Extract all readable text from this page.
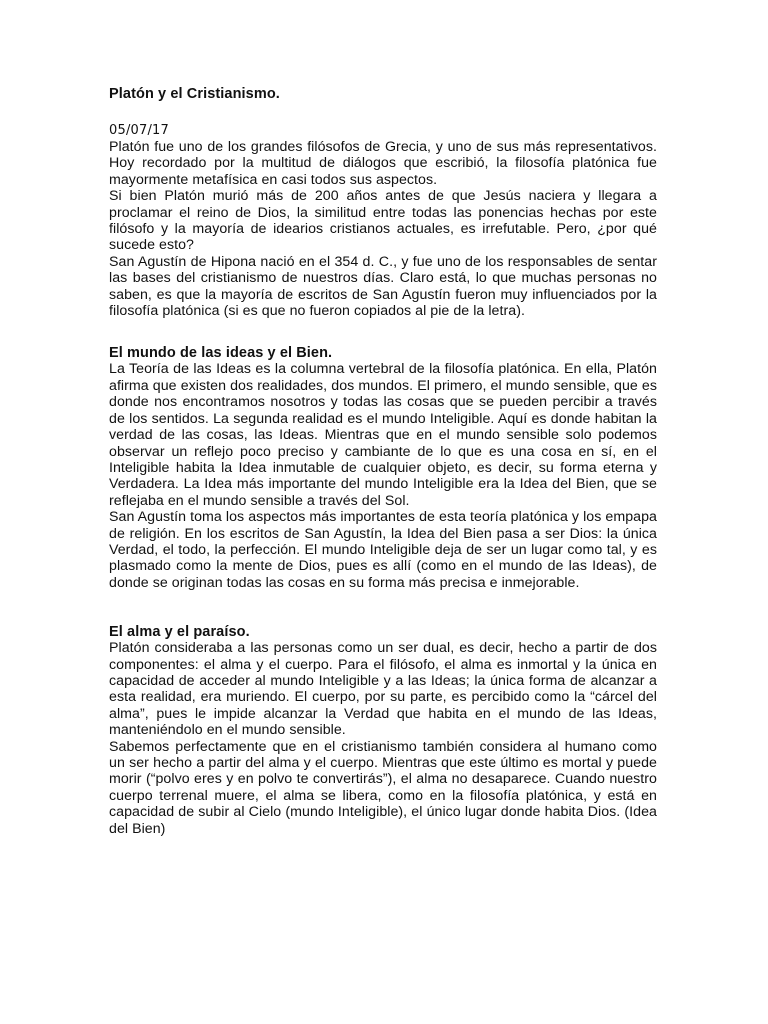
Platón y el Cristianismo.
05/07/17

Platón fue uno de los grandes filósofos de Grecia, y uno de sus más representativos. Hoy recordado por la multitud de diálogos que escribió, la filosofía platónica fue mayormente metafísica en casi todos sus aspectos.

Si bien Platón murió más de 200 años antes de que Jesús naciera y llegara a proclamar el reino de Dios, la similitud entre todas las ponencias hechas por este filósofo y la mayoría de idearios cristianos actuales, es irrefutable. Pero, ¿por qué sucede esto?

San Agustín de Hipona nació en el 354 d. C., y fue uno de los responsables de sentar las bases del cristianismo de nuestros días. Claro está, lo que muchas personas no saben, es que la mayoría de escritos de San Agustín fueron muy influenciados por la filosofía platónica (si es que no fueron copiados al pie de la letra).

El mundo de las ideas y el Bien.

La Teoría de las Ideas es la columna vertebral de la filosofía platónica. En ella, Platón afirma que existen dos realidades, dos mundos. El primero, el mundo sensible, que es donde nos encontramos nosotros y todas las cosas que se pueden percibir a través de los sentidos. La segunda realidad es el mundo Inteligible. Aquí es donde habitan la verdad de las cosas, las Ideas. Mientras que en el mundo sensible solo podemos observar un reflejo poco preciso y cambiante de lo que es una cosa en sí, en el Inteligible habita la Idea inmutable de cualquier objeto, es decir, su forma eterna y Verdadera. La Idea más importante del mundo Inteligible era la Idea del Bien, que se reflejaba en el mundo sensible a través del Sol.

San Agustín toma los aspectos más importantes de esta teoría platónica y los empapa de religión. En los escritos de San Agustín, la Idea del Bien pasa a ser Dios: la única Verdad, el todo, la perfección. El mundo Inteligible deja de ser un lugar como tal, y es plasmado como la mente de Dios, pues es allí (como en el mundo de las Ideas), de donde se originan todas las cosas en su forma más precisa e inmejorable.

El alma y el paraíso.

Platón consideraba a las personas como un ser dual, es decir, hecho a partir de dos componentes: el alma y el cuerpo. Para el filósofo, el alma es inmortal y la única en capacidad de acceder al mundo Inteligible y a las Ideas; la única forma de alcanzar a esta realidad, era muriendo. El cuerpo, por su parte, es percibido como la “cárcel del alma”, pues le impide alcanzar la Verdad que habita en el mundo de las Ideas, manteniéndolo en el mundo sensible.

Sabemos perfectamente que en el cristianismo también considera al humano como un ser hecho a partir del alma y el cuerpo. Mientras que este último es mortal y puede morir (“polvo eres y en polvo te convertirás”), el alma no desaparece. Cuando nuestro cuerpo terrenal muere, el alma se libera, como en la filosofía platónica, y está en capacidad de subir al Cielo (mundo Inteligible), el único lugar donde habita Dios. (Idea del Bien)
